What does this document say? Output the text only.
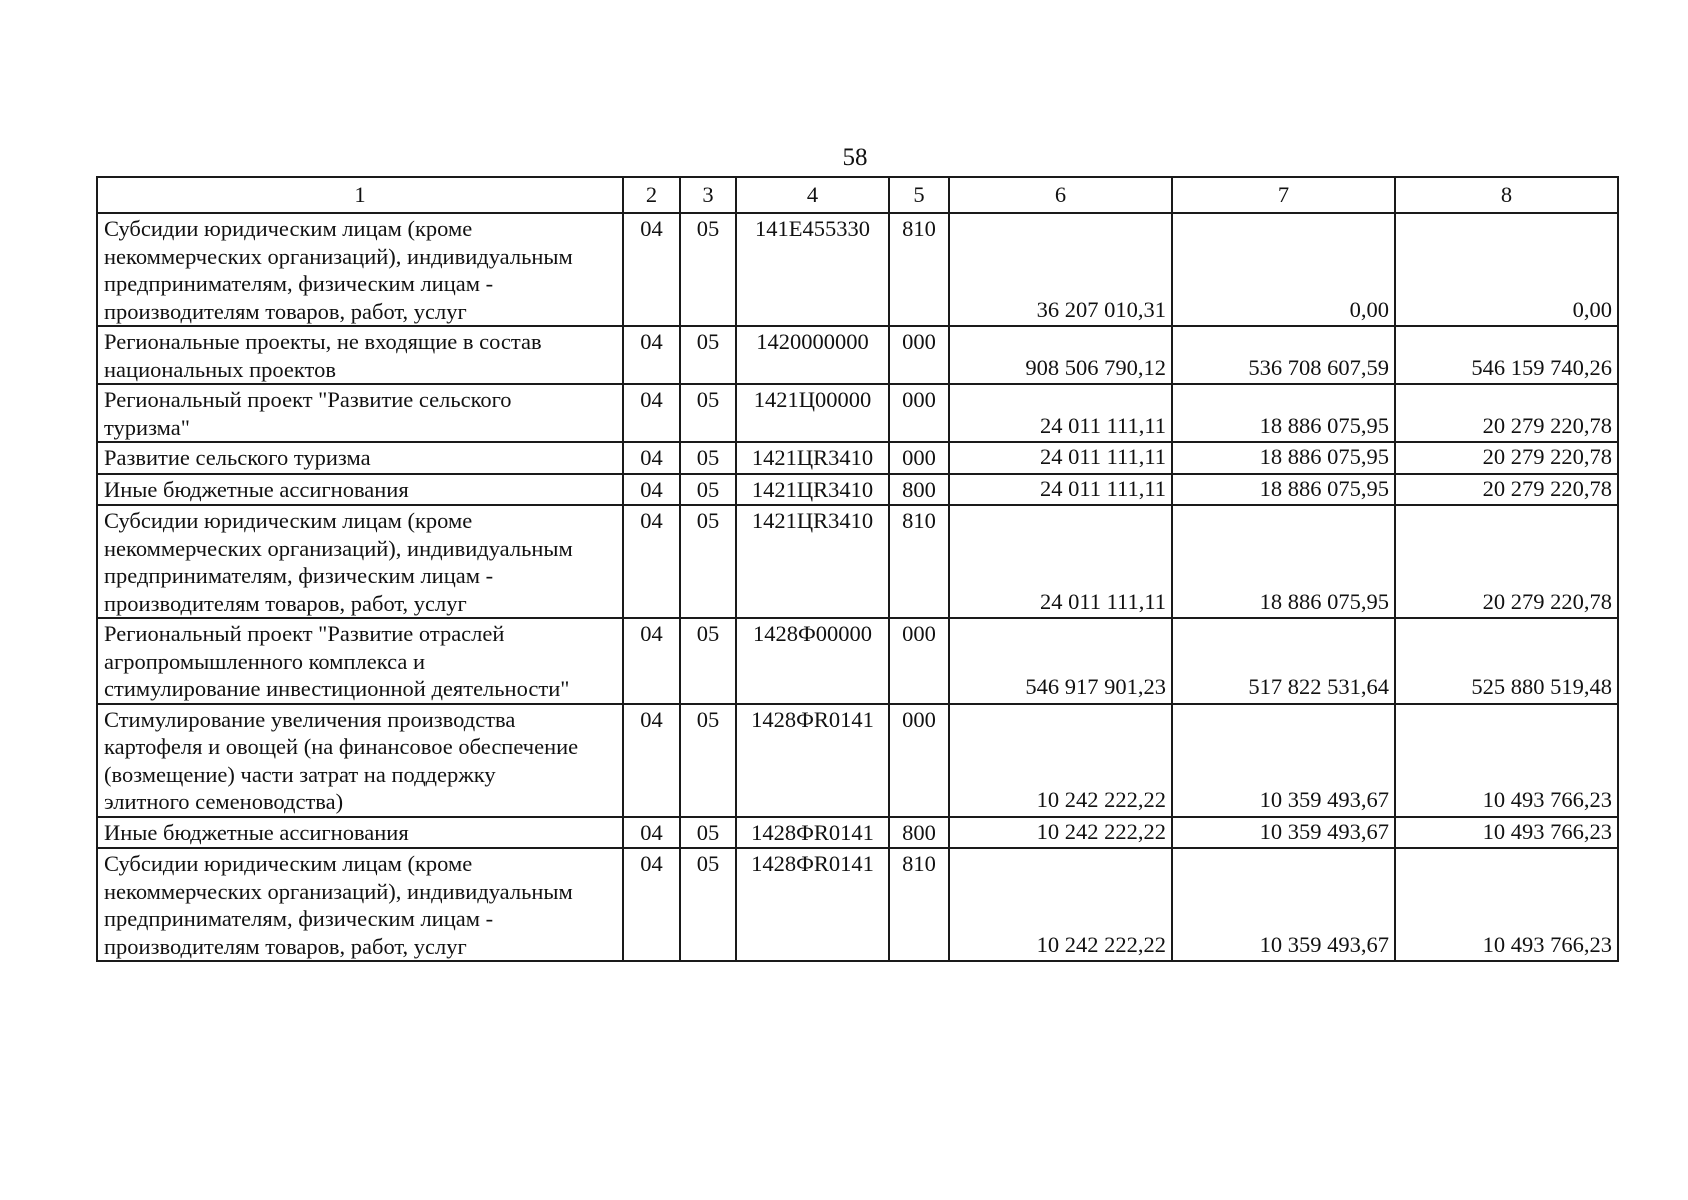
58
1	2	3	4	5	6	7	8

Субсидии юридическим лицам (кроме
некоммерческих организаций), индивидуальным
предпринимателям, физическим лицам -
производителям товаров, работ, услуг	04	05	141E455330	810	36 207 010,31	0,00	0,00

Региональные проекты, не входящие в состав
национальных проектов	04	05	1420000000	000	908 506 790,12	536 708 607,59	546 159 740,26

Региональный проект "Развитие сельского
туризма"	04	05	1421Ц00000	000	24 011 111,11	18 886 075,95	20 279 220,78

Развитие сельского туризма	04	05	1421ЦR3410	000	24 011 111,11	18 886 075,95	20 279 220,78

Иные бюджетные ассигнования	04	05	1421ЦR3410	800	24 011 111,11	18 886 075,95	20 279 220,78

Субсидии юридическим лицам (кроме
некоммерческих организаций), индивидуальным
предпринимателям, физическим лицам -
производителям товаров, работ, услуг	04	05	1421ЦR3410	810	24 011 111,11	18 886 075,95	20 279 220,78

Региональный проект "Развитие отраслей
агропромышленного комплекса и
стимулирование инвестиционной деятельности"	04	05	1428Ф00000	000	546 917 901,23	517 822 531,64	525 880 519,48

Стимулирование увеличения производства
картофеля и овощей (на финансовое обеспечение
(возмещение) части затрат на поддержку
элитного семеноводства)	04	05	1428ФR0141	000	10 242 222,22	10 359 493,67	10 493 766,23

Иные бюджетные ассигнования	04	05	1428ФR0141	800	10 242 222,22	10 359 493,67	10 493 766,23

Субсидии юридическим лицам (кроме
некоммерческих организаций), индивидуальным
предпринимателям, физическим лицам -
производителям товаров, работ, услуг	04	05	1428ФR0141	810	10 242 222,22	10 359 493,67	10 493 766,23
